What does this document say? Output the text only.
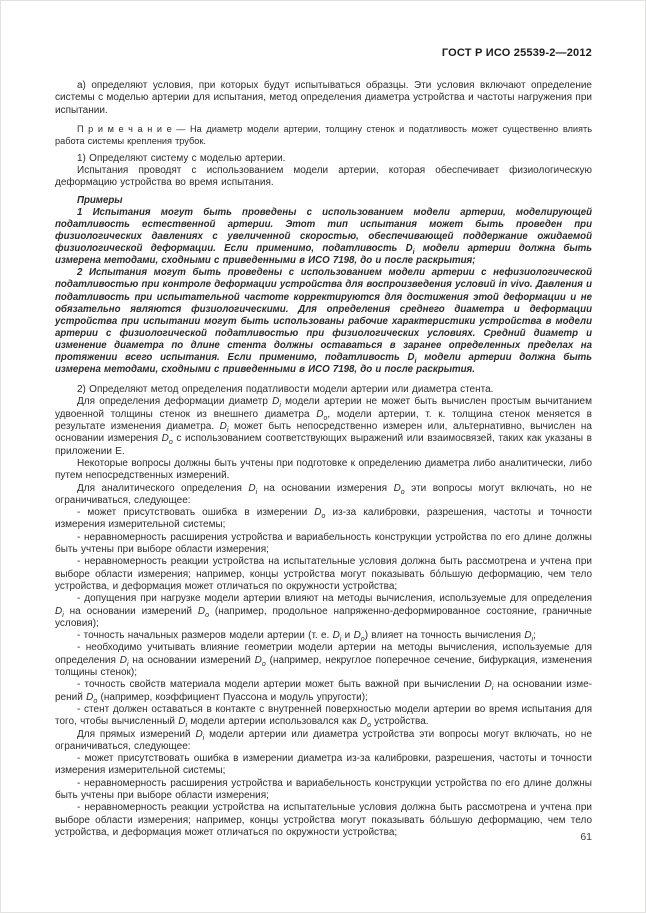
ГОСТ Р ИСО 25539-2—2012

а) определяют условия, при которых будут испытываться образцы. Эти условия включают определение системы с моделью артерии для испытания, метод определения диаметра устройства и частоты нагружения при испытании.

П р и м е ч а н и е — На диаметр модели артерии, толщину стенок и податливость может существенно влиять работа системы крепления трубок.

1) Определяют систему с моделью артерии.

Испытания проводят с использованием модели артерии, которая обеспечивает физиологическую деформацию устройства во время испытания.

Примеры

1 Испытания могут быть проведены с использованием модели артерии, моделирующей податливость естественной артерии. Этот тип испытания может быть проведен при физиологических давлениях с увеличенной скоростью, обеспечивающей поддержание ожидаемой физиологической деформации. Если применимо, податливость $D_i$ модели артерии должна быть измерена методами, сходными с приведенными в ИСО 7198, до и после раскрытия;

2 Испытания могут быть проведены с использованием модели артерии с нефизиологической податливостью при контроле деформации устройства для воспроизведения условий in vivo. Давления и податливость при испытательной частоте корректируются для достижения этой деформации и не обязательно являются физиологическими. Для определения среднего диаметра и деформации устройства при испытании могут быть использованы рабочие характеристики устройства в модели артерии с физиологической податливостью при физиологических условиях. Средний диаметр и изменение диаметра по длине стента должны оставаться в заранее определенных пределах на протяжении всего испытания. Если применимо, податливость $D_i$ модели артерии должна быть измерена методами, сходными с приведенными в ИСО 7198, до и после раскрытия.

2) Определяют метод определения податливости модели артерии или диаметра стента.

Для определения деформации диаметр $D_i$ модели артерии не может быть вычислен простым вычитанием удвоенной толщины стенок из внешнего диаметра $D_o$, модели артерии, т. к. толщина стенок меняется в результате изменения диаметра. $D_i$ может быть непосредственно измерен или, альтернативно, вычислен на основании измерения $D_o$ с использованием соответствующих выражений или взаимосвязей, таких как указаны в приложении Е.

Некоторые вопросы должны быть учтены при подготовке к определению диаметра либо аналитически, либо путем непосредственных измерений.

Для аналитического определения $D_i$ на основании измерения $D_o$ эти вопросы могут включать, но не ограничиваться, следующее:

- может присутствовать ошибка в измерении $D_o$ из-за калибровки, разрешения, частоты и точности измерения измерительной системы;

- неравномерность расширения устройства и вариабельность конструкции устройства по его длине должны быть учтены при выборе области измерения;

- неравномерность реакции устройства на испытательные условия должна быть рассмотрена и учтена при выборе области измерения; например, концы устройства могут показывать бо́льшую деформацию, чем тело устройства, и деформация может отличаться по окружности устройства;

- допущения при нагрузке модели артерии влияют на методы вычисления, используемые для определения $D_i$ на основании измерений $D_o$ (например, продольное напряженно-деформированное состояние, граничные условия);

- точность начальных размеров модели артерии (т. е. $D_i$ и $D_o$) влияет на точность вычисления $D_i$;

- необходимо учитывать влияние геометрии модели артерии на методы вычисления, используемые для определения $D_i$ на основании измерений $D_o$ (например, некруглое поперечное сечение, бифуркация, изменения толщины стенок);

- точность свойств материала модели артерии может быть важной при вычислении $D_i$ на основании изме-рений $D_o$ (например, коэффициент Пуассона и модуль упругости);

- стент должен оставаться в контакте с внутренней поверхностью модели артерии во время испытания для того, чтобы вычисленный $D_i$ модели артерии использовался как $D_o$ устройства.

Для прямых измерений $D_i$ модели артерии или диаметра устройства эти вопросы могут включать, но не ограничиваться, следующее:

- может присутствовать ошибка в измерении диаметра из-за калибровки, разрешения, частоты и точности измерения измерительной системы;

- неравномерность расширения устройства и вариабельность конструкции устройства по его длине должны быть учтены при выборе области измерения;

- неравномерность реакции устройства на испытательные условия должна быть рассмотрена и учтена при выборе области измерения; например, концы устройства могут показывать бо́льшую деформацию, чем тело устройства, и деформация может отличаться по окружности устройства;	61
